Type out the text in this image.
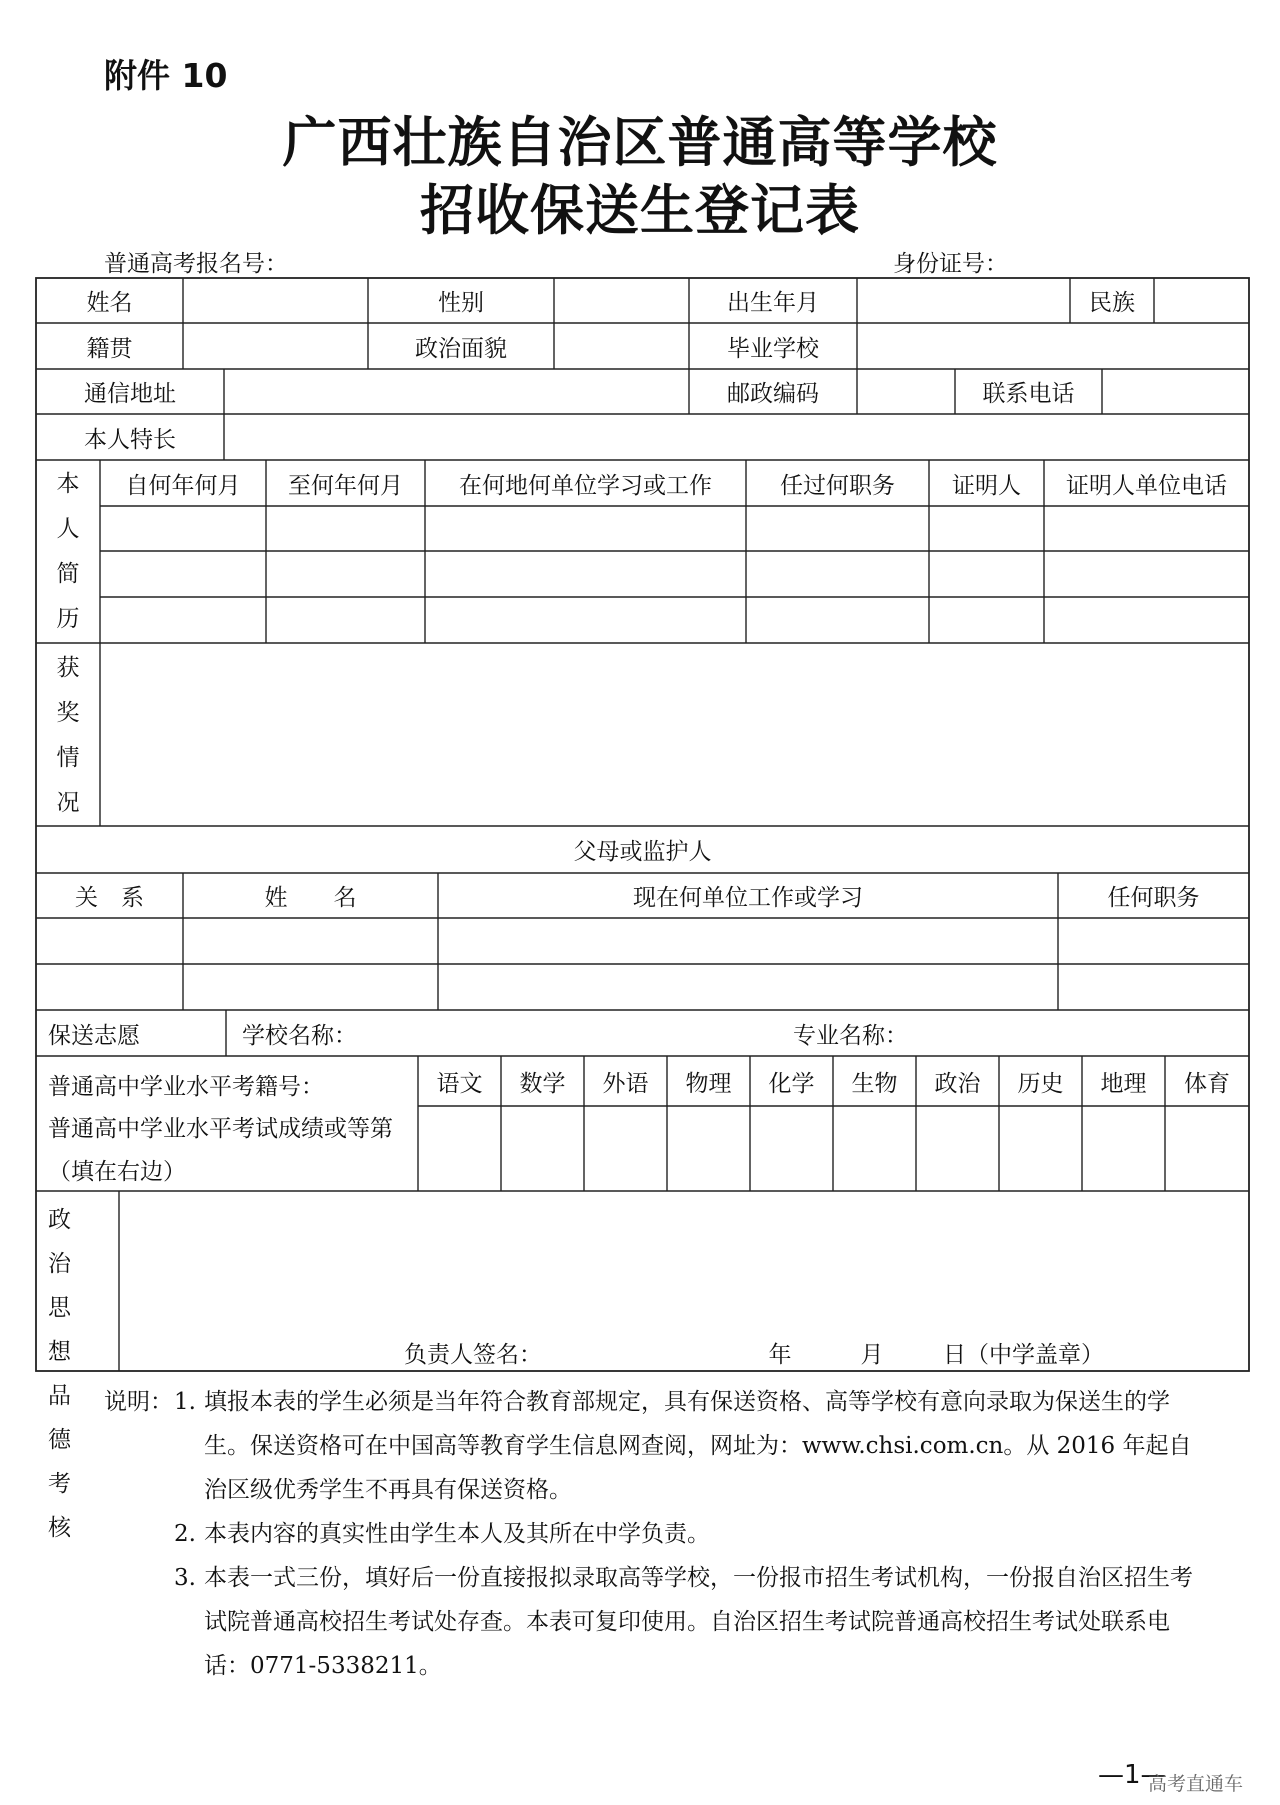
附件 10
广西壮族自治区普通高等学校
招收保送生登记表
普通高考报名号：	身份证号：
姓名	性别	出生年月	民族
籍贯	政治面貌	毕业学校
通信地址	邮政编码	联系电话
本人特长
本人简历
自何年何月	至何年何月	在何地何单位学习或工作	任过何职务	证明人	证明人单位电话
获奖情况
父母或监护人
关　系	姓　　名	现在何单位工作或学习	任何职务
保送志愿	学校名称：	专业名称：
普通高中学业水平考籍号：
普通高中学业水平考试成绩或等第（填在右边）
语文	数学	外语	物理	化学	生物	政治	历史	地理	体育
政治思想品德考核
负责人签名：	年	月	日（中学盖章）
说明： 1. 填报本表的学生必须是当年符合教育部规定，具有保送资格、高等学校有意向录取为保送生的学生。保送资格可在中国高等教育学生信息网查阅，网址为：www.chsi.com.cn。从 2016 年起自治区级优秀学生不再具有保送资格。
2. 本表内容的真实性由学生本人及其所在中学负责。
3. 本表一式三份，填好后一份直接报拟录取高等学校，一份报市招生考试机构，一份报自治区招生考试院普通高校招生考试处存查。本表可复印使用。自治区招生考试院普通高校招生考试处联系电话：0771-5338211。
—1—
高考直通车
